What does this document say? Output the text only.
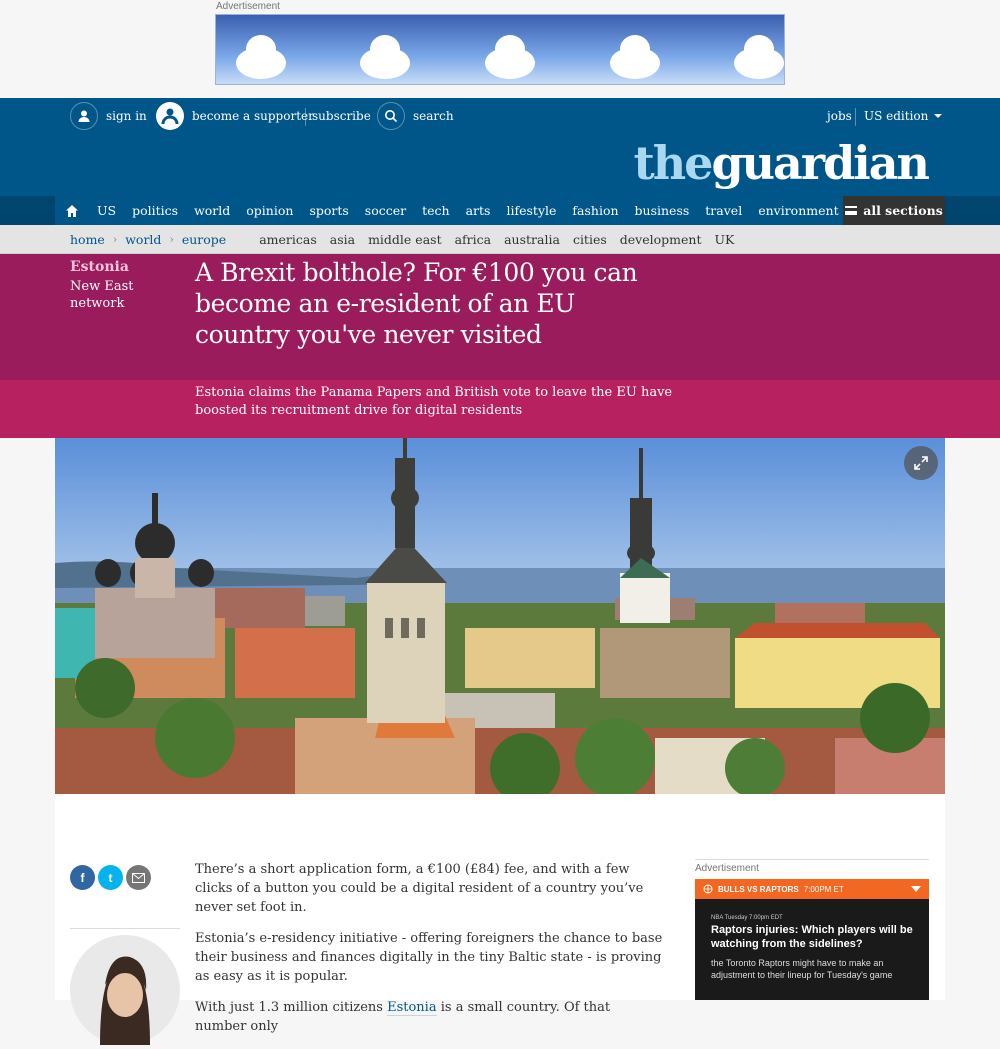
Advertisement
sign in	become a supporter
subscribe	search	jobs US edition
theguardian
US	politics	world	opinion	sports	soccer	tech	arts	lifestyle	fashion	business	travel	environment	all sections
home › world › europe	americas asia middle east africa australia cities development UK
Estonia
New East
network
A Brexit bolthole? For €100 you can become an e-resident of an EU country you've never visited
Estonia claims the Panama Papers and British vote to leave the EU have boosted its recruitment drive for digital residents
f t

There’s a short application form, a €100 (£84) fee, and with a few clicks of a button you could be a digital resident of a country you’ve never set foot in.

Estonia’s e-residency initiative - offering foreigners the chance to base their business and finances digitally in the tiny Baltic state - is proving as easy as it is popular.

With just 1.3 million citizens Estonia is a small country. Of that number only

Advertisement
BULLS VS RAPTORS 7:00PM ET
NBA Tuesday 7:00pm EDT
Raptors injuries: Which players will be watching from the sidelines?
the Toronto Raptors might have to make an adjustment to their lineup for Tuesday's game
